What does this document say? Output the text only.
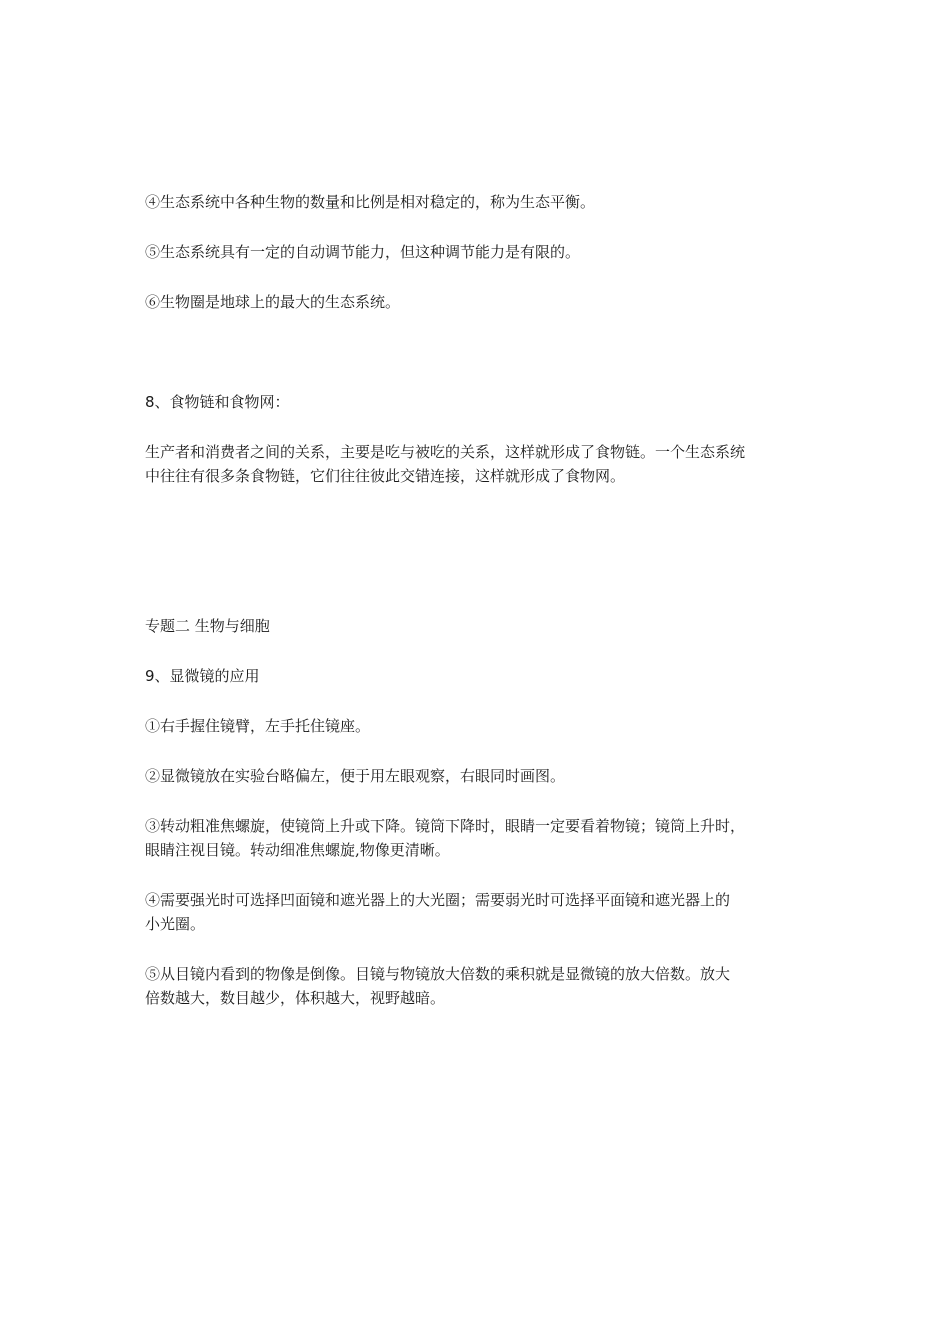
④生态系统中各种生物的数量和比例是相对稳定的，称为生态平衡。

⑤生态系统具有一定的自动调节能力，但这种调节能力是有限的。

⑥生物圈是地球上的最大的生态系统。

8、食物链和食物网：

生产者和消费者之间的关系，主要是吃与被吃的关系，这样就形成了食物链。一个生态系统

中往往有很多条食物链，它们往往彼此交错连接，这样就形成了食物网。

专题二 生物与细胞

9、显微镜的应用

①右手握住镜臂，左手托住镜座。

②显微镜放在实验台略偏左，便于用左眼观察，右眼同时画图。

③转动粗准焦螺旋，使镜筒上升或下降。镜筒下降时，眼睛一定要看着物镜；镜筒上升时，

眼睛注视目镜。转动细准焦螺旋,物像更清晰。

④需要强光时可选择凹面镜和遮光器上的大光圈；需要弱光时可选择平面镜和遮光器上的

小光圈。

⑤从目镜内看到的物像是倒像。目镜与物镜放大倍数的乘积就是显微镜的放大倍数。放大

倍数越大，数目越少，体积越大，视野越暗。
